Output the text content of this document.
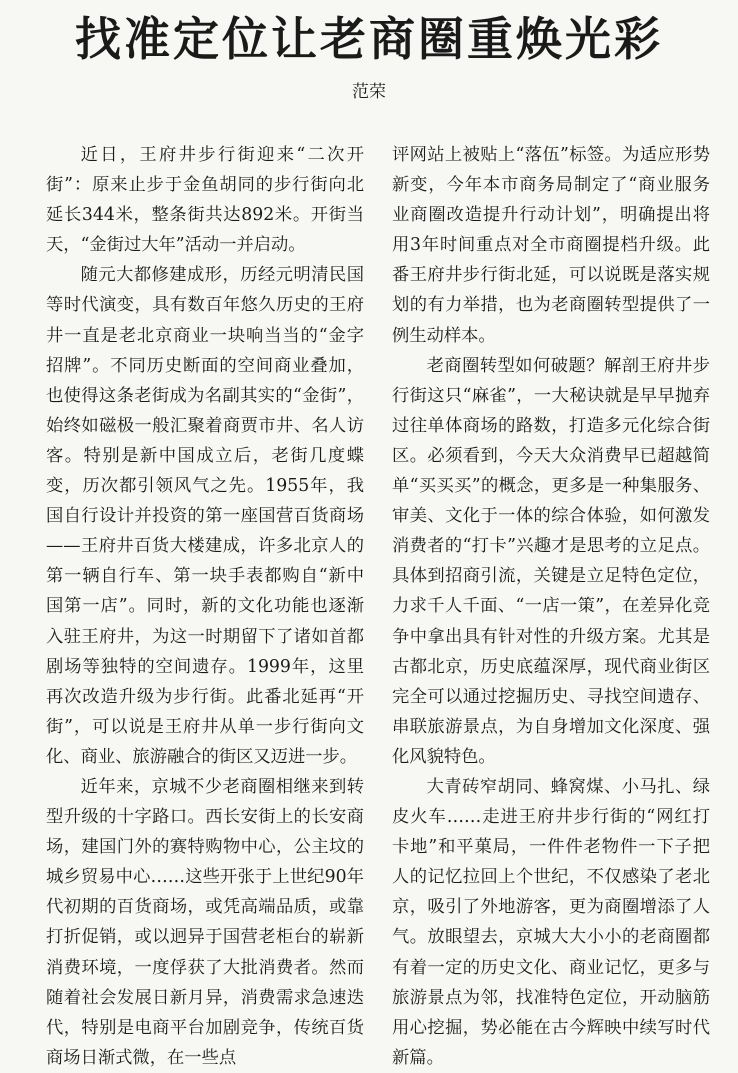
找准定位让老商圈重焕光彩
范荣

近日，王府井步行街迎来“二次开街”：原来止步于金鱼胡同的步行街向北延长344米，整条街共达892米。开街当天，“金街过大年”活动一并启动。

随元大都修建成形，历经元明清民国等时代演变，具有数百年悠久历史的王府井一直是老北京商业一块响当当的“金字招牌”。不同历史断面的空间商业叠加，也使得这条老街成为名副其实的“金街”，始终如磁极一般汇聚着商贾市井、名人访客。特别是新中国成立后，老街几度蝶变，历次都引领风气之先。1955年，我国自行设计并投资的第一座国营百货商场——王府井百货大楼建成，许多北京人的第一辆自行车、第一块手表都购自“新中国第一店”。同时，新的文化功能也逐渐入驻王府井，为这一时期留下了诸如首都剧场等独特的空间遗存。1999年，这里再次改造升级为步行街。此番北延再“开街”，可以说是王府井从单一步行街向文化、商业、旅游融合的街区又迈进一步。

近年来，京城不少老商圈相继来到转型升级的十字路口。西长安街上的长安商场，建国门外的赛特购物中心，公主坟的城乡贸易中心……这些开张于上世纪90年代初期的百货商场，或凭高端品质，或靠打折促销，或以迥异于国营老柜台的崭新消费环境，一度俘获了大批消费者。然而随着社会发展日新月异，消费需求急速迭代，特别是电商平台加剧竞争，传统百货商场日渐式微，在一些点

评网站上被贴上“落伍”标签。为适应形势新变，今年本市商务局制定了“商业服务业商圈改造提升行动计划”，明确提出将用3年时间重点对全市商圈提档升级。此番王府井步行街北延，可以说既是落实规划的有力举措，也为老商圈转型提供了一例生动样本。

老商圈转型如何破题？解剖王府井步行街这只“麻雀”，一大秘诀就是早早抛弃过往单体商场的路数，打造多元化综合街区。必须看到，今天大众消费早已超越简单“买买买”的概念，更多是一种集服务、审美、文化于一体的综合体验，如何激发消费者的“打卡”兴趣才是思考的立足点。具体到招商引流，关键是立足特色定位，力求千人千面、“一店一策”，在差异化竞争中拿出具有针对性的升级方案。尤其是古都北京，历史底蕴深厚，现代商业街区完全可以通过挖掘历史、寻找空间遗存、串联旅游景点，为自身增加文化深度、强化风貌特色。

大青砖窄胡同、蜂窝煤、小马扎、绿皮火车……走进王府井步行街的“网红打卡地”和平菓局，一件件老物件一下子把人的记忆拉回上个世纪，不仅感染了老北京，吸引了外地游客，更为商圈增添了人气。放眼望去，京城大大小小的老商圈都有着一定的历史文化、商业记忆，更多与旅游景点为邻，找准特色定位，开动脑筋用心挖掘，势必能在古今辉映中续写时代新篇。
